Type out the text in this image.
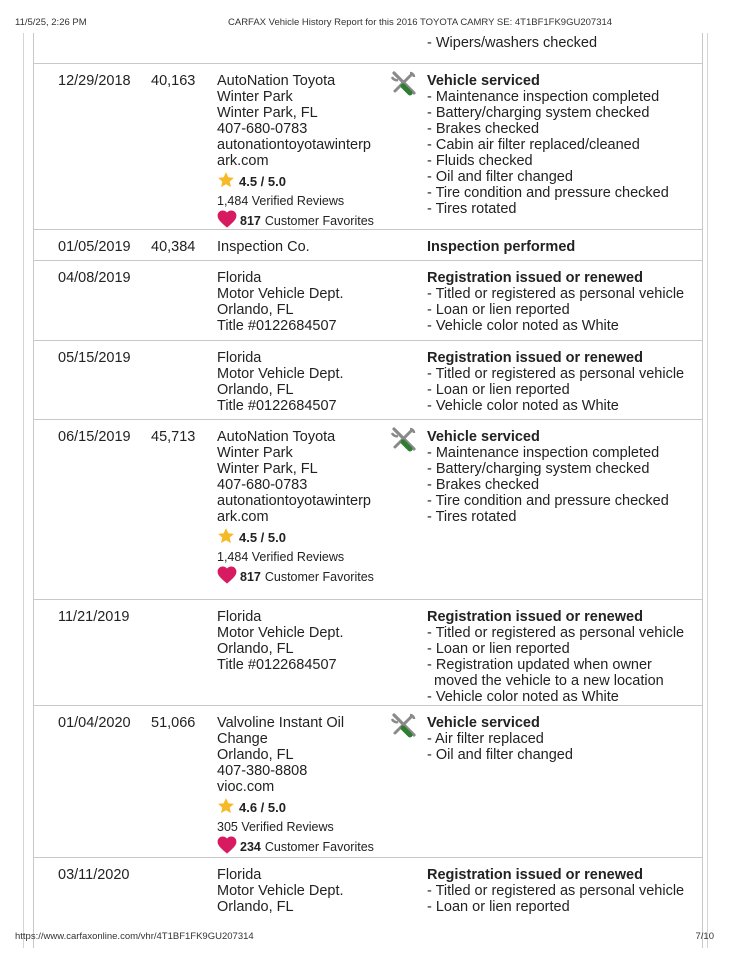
11/5/25, 2:26 PM	CARFAX Vehicle History Report for this 2016 TOYOTA CAMRY SE: 4T1BF1FK9GU207314
- Wipers/washers checked
12/29/2018 40,163 AutoNation Toyota
Winter Park
Winter Park, FL
407-680-0783
autonationtoyotawinterp
ark.com
4.5 / 5.0
1,484 Verified Reviews
817 Customer Favorites
Vehicle serviced
- Maintenance inspection completed
- Battery/charging system checked
- Brakes checked
- Cabin air filter replaced/cleaned
- Fluids checked
- Oil and filter changed
- Tire condition and pressure checked
- Tires rotated
01/05/2019 40,384 Inspection Co.	Inspection performed
04/08/2019	Florida
Motor Vehicle Dept.
Orlando, FL
Title #0122684507
Registration issued or renewed
- Titled or registered as personal vehicle
- Loan or lien reported
- Vehicle color noted as White
05/15/2019	Florida
Motor Vehicle Dept.
Orlando, FL
Title #0122684507
Registration issued or renewed
- Titled or registered as personal vehicle
- Loan or lien reported
- Vehicle color noted as White
06/15/2019 45,713 AutoNation Toyota
Winter Park
Winter Park, FL
407-680-0783
autonationtoyotawinterp
ark.com
4.5 / 5.0
1,484 Verified Reviews
817 Customer Favorites
Vehicle serviced
- Maintenance inspection completed
- Battery/charging system checked
- Brakes checked
- Tire condition and pressure checked
- Tires rotated
11/21/2019	Florida
Motor Vehicle Dept.
Orlando, FL
Title #0122684507
Registration issued or renewed
- Titled or registered as personal vehicle
- Loan or lien reported
- Registration updated when owner
moved the vehicle to a new location
- Vehicle color noted as White
01/04/2020 51,066 Valvoline Instant Oil
Change
Orlando, FL
407-380-8808
vioc.com
4.6 / 5.0
305 Verified Reviews
234 Customer Favorites
Vehicle serviced
- Air filter replaced
- Oil and filter changed
03/11/2020	Florida
Motor Vehicle Dept.
Orlando, FL
Registration issued or renewed
- Titled or registered as personal vehicle
- Loan or lien reported
https://www.carfaxonline.com/vhr/4T1BF1FK9GU207314	7/10
